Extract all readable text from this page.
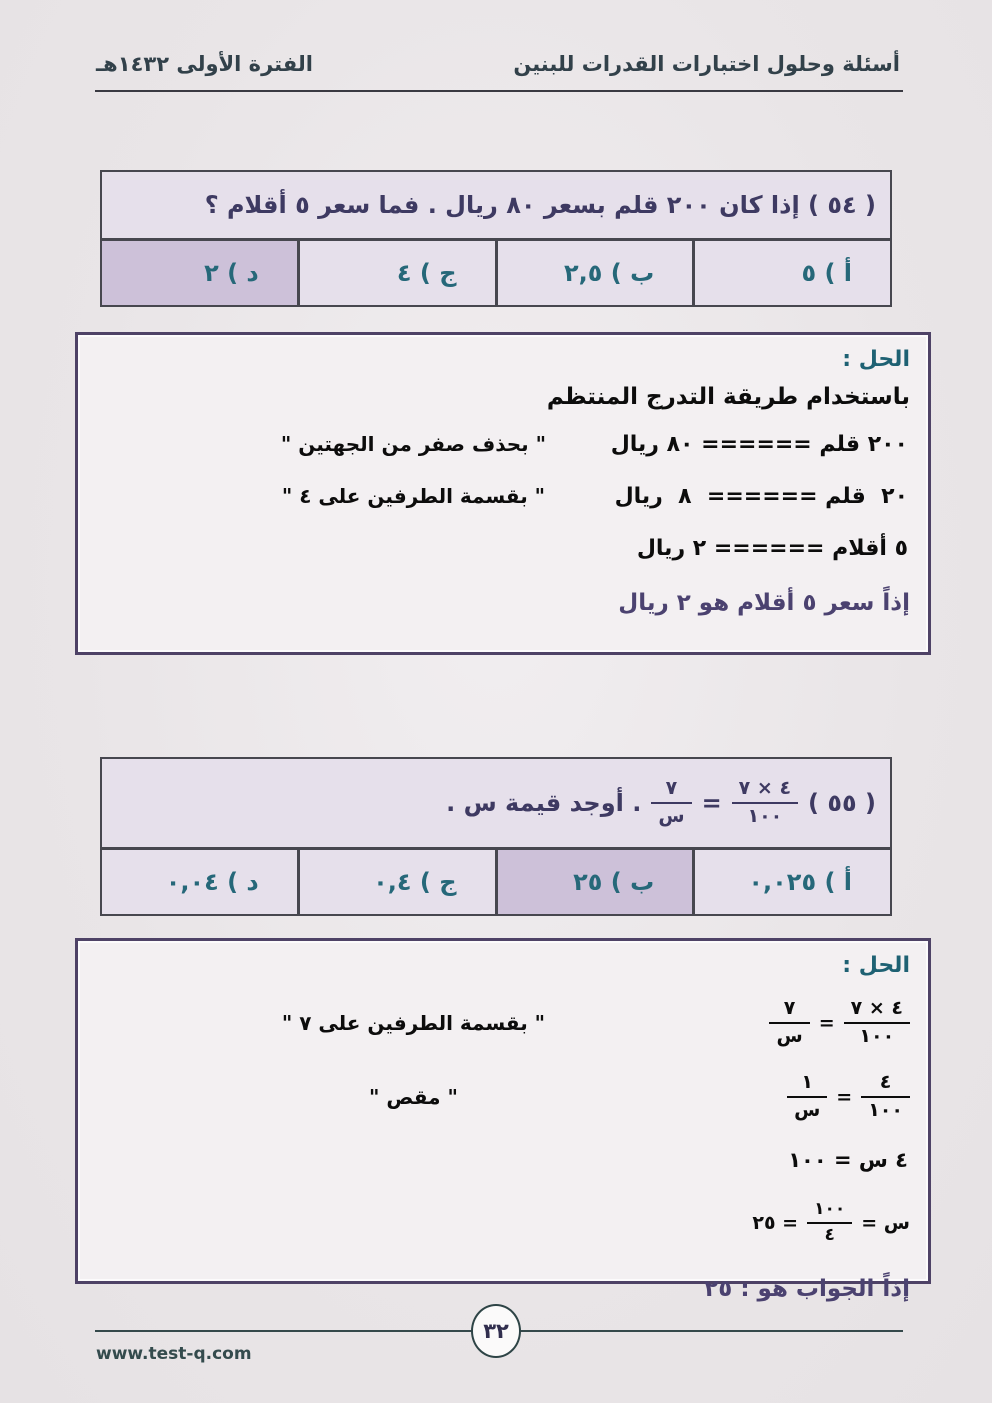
أسئلة وحلول اختبارات القدرات للبنين
الفترة الأولى ١٤٣٢هـ
( ٥٤ ) إذا كان ٢٠٠ قلم بسعر ٨٠ ريال . فما سعر ٥ أقلام ؟
أ ) ٥
ب ) ٢,٥
ج ) ٤
د ) ٢
الحل :
باستخدام طريقة التدرج المنتظم
٢٠٠ قلم ====== ٨٠ ريال
" بحذف صفر من الجهتين "
٢٠  قلم ======  ٨  ريال
" بقسمة الطرفين على ٤ "
٥ أقلام ====== ٢ ريال
إذاً سعر ٥ أقلام هو ٢ ريال
( ٥٥ )
$\frac{٤ \times ٧}{١٠٠}$
=
$\frac{٧}{\text{س}}$
. أوجد قيمة س .
أ ) ٠,٠٢٥
ب ) ٢٥
ج ) ٠,٤
د ) ٠,٠٤
الحل :
$\frac{٤ \times ٧}{١٠٠}$
=
$\frac{٧}{\text{س}}$
" بقسمة الطرفين على ٧ "
$\frac{٤}{١٠٠}$
=
$\frac{١}{\text{س}}$
" مقص "
٤ س = ١٠٠
س =
$\frac{١٠٠}{٤}$
= ٢٥
إذاً الجواب هو : ٢٥
٣٢
www.test-q.com
